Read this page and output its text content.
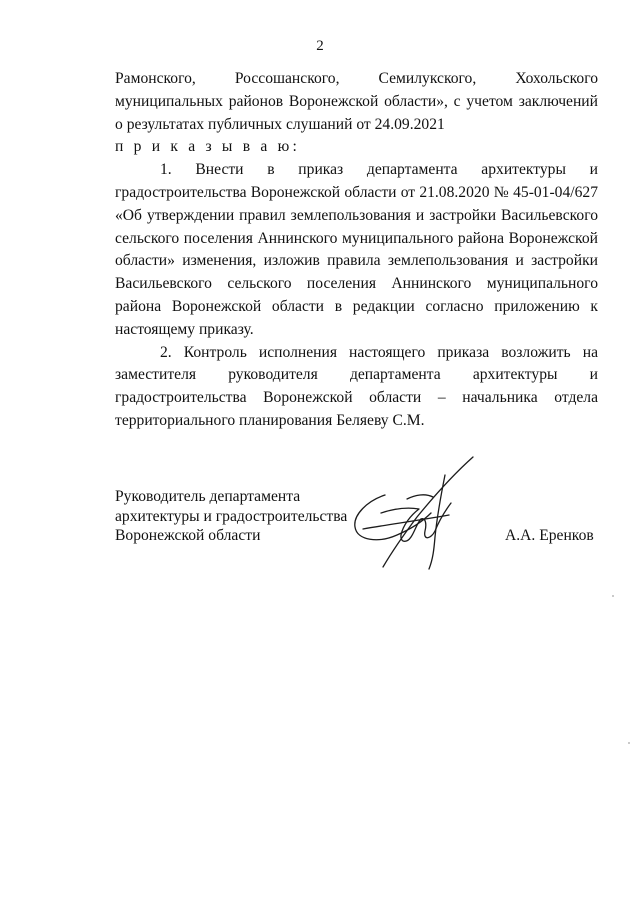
2

Рамонского, Россошанского, Семилукского, Хохольского муниципальных районов Воронежской области», с учетом заключений о результатах публичных слушаний от 24.09.2021

п р и к а з ы в а ю:

1. Внести в приказ департамента архитектуры и градостроительства Воронежской области от 21.08.2020 № 45-01-04/627 «Об утверждении правил землепользования и застройки Васильевского сельского поселения Аннинского муниципального района Воронежской области» изменения, изложив правила землепользования и застройки Васильевского сельского поселения Аннинского муниципального района Воронежской области в редакции согласно приложению к настоящему приказу.

2. Контроль исполнения настоящего приказа возложить на заместителя руководителя департамента архитектуры и градостроительства Воронежской области – начальника отдела территориального планирования Беляеву С.М.

Руководитель департамента
архитектуры и градостроительства
Воронежской области	А.А. Еренков
